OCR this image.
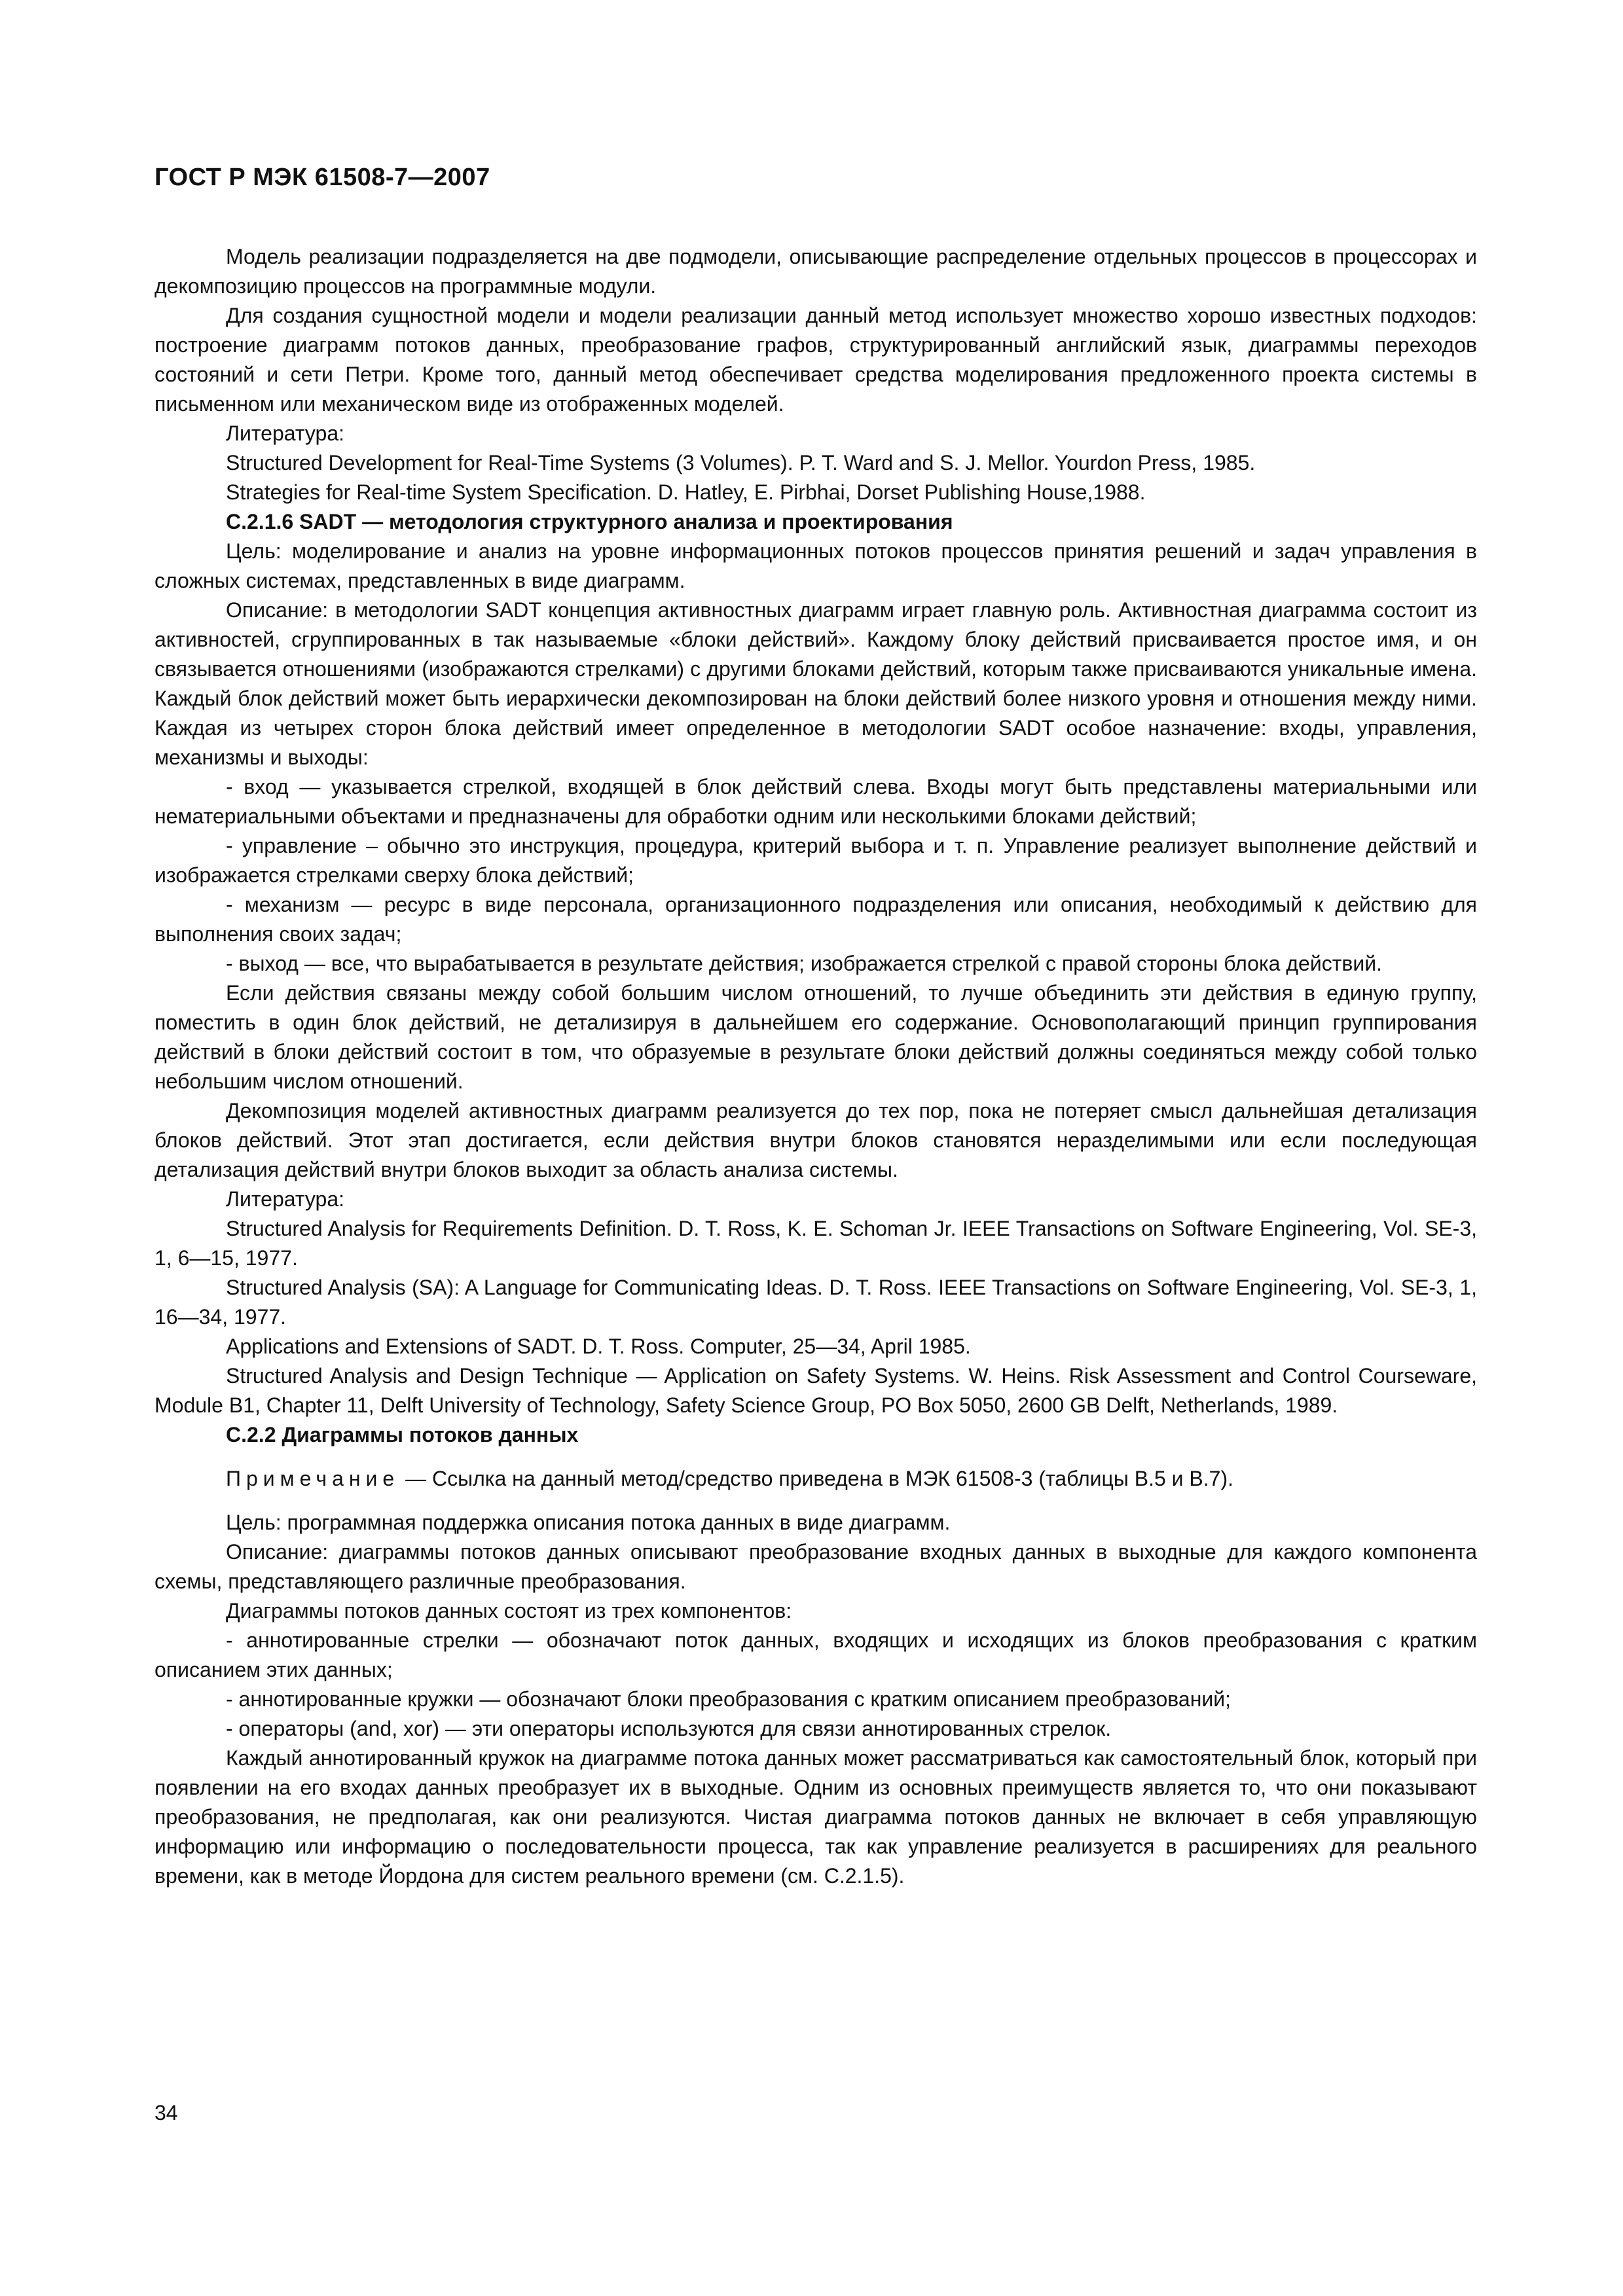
ГОСТ Р МЭК 61508-7—2007

Модель реализации подразделяется на две подмодели, описывающие распределение отдельных процессов в процессорах и декомпозицию процессов на программные модули.

Для создания сущностной модели и модели реализации данный метод использует множество хорошо известных подходов: построение диаграмм потоков данных, преобразование графов, структурированный английский язык, диаграммы переходов состояний и сети Петри. Кроме того, данный метод обеспечивает средства моделирования предложенного проекта системы в письменном или механическом виде из отображенных моделей.

Литература:

Structured Development for Real-Time Systems (3 Volumes). P. T. Ward and S. J. Mellor. Yourdon Press, 1985.

Strategies for Real-time System Specification. D. Hatley, E. Pirbhai, Dorset Publishing House,1988.

С.2.1.6 SADT — методология структурного анализа и проектирования

Цель: моделирование и анализ на уровне информационных потоков процессов принятия решений и задач управления в сложных системах, представленных в виде диаграмм.

Описание: в методологии SADT концепция активностных диаграмм играет главную роль. Активностная диаграмма состоит из активностей, сгруппированных в так называемые «блоки действий». Каждому блоку действий присваивается простое имя, и он связывается отношениями (изображаются стрелками) с другими блоками действий, которым также присваиваются уникальные имена. Каждый блок действий может быть иерархически декомпозирован на блоки действий более низкого уровня и отношения между ними. Каждая из четырех сторон блока действий имеет определенное в методологии SADT особое назначение: входы, управления, механизмы и выходы:

- вход — указывается стрелкой, входящей в блок действий слева. Входы могут быть представлены материальными или нематериальными объектами и предназначены для обработки одним или несколькими блоками действий;

- управление – обычно это инструкция, процедура, критерий выбора и т. п. Управление реализует выполнение действий и изображается стрелками сверху блока действий;

- механизм — ресурс в виде персонала, организационного подразделения или описания, необходимый к действию для выполнения своих задач;

- выход — все, что вырабатывается в результате действия; изображается стрелкой с правой стороны блока действий.

Если действия связаны между собой большим числом отношений, то лучше объединить эти действия в единую группу, поместить в один блок действий, не детализируя в дальнейшем его содержание. Основополагающий принцип группирования действий в блоки действий состоит в том, что образуемые в результате блоки действий должны соединяться между собой только небольшим числом отношений.

Декомпозиция моделей активностных диаграмм реализуется до тех пор, пока не потеряет смысл дальнейшая детализация блоков действий. Этот этап достигается, если действия внутри блоков становятся неразделимыми или если последующая детализация действий внутри блоков выходит за область анализа системы.

Литература:

Structured Analysis for Requirements Definition. D. T. Ross, K. E. Schoman Jr. IEEE Transactions on Software Engineering, Vol. SE-3, 1, 6—15, 1977.

Structured Analysis (SA): A Language for Communicating Ideas. D. T. Ross. IEEE Transactions on Software Engineering, Vol. SE-3, 1, 16—34, 1977.

Applications and Extensions of SADT. D. T. Ross. Computer, 25—34, April 1985.

Structured Analysis and Design Technique — Application on Safety Systems. W. Heins. Risk Assessment and Control Courseware, Module B1, Chapter 11, Delft University of Technology, Safety Science Group, PO Box 5050, 2600 GB Delft, Netherlands, 1989.

С.2.2 Диаграммы потоков данных

Примечание — Ссылка на данный метод/средство приведена в МЭК 61508-3 (таблицы В.5 и В.7).

Цель: программная поддержка описания потока данных в виде диаграмм.

Описание: диаграммы потоков данных описывают преобразование входных данных в выходные для каждого компонента схемы, представляющего различные преобразования.

Диаграммы потоков данных состоят из трех компонентов:

- аннотированные стрелки — обозначают поток данных, входящих и исходящих из блоков преобразования с кратким описанием этих данных;

- аннотированные кружки — обозначают блоки преобразования с кратким описанием преобразований;

- операторы (and, xor) — эти операторы используются для связи аннотированных стрелок.

Каждый аннотированный кружок на диаграмме потока данных может рассматриваться как самостоятельный блок, который при появлении на его входах данных преобразует их в выходные. Одним из основных преимуществ является то, что они показывают преобразования, не предполагая, как они реализуются. Чистая диаграмма потоков данных не включает в себя управляющую информацию или информацию о последовательности процесса, так как управление реализуется в расширениях для реального времени, как в методе Йордона для систем реального времени (см. С.2.1.5).

34
